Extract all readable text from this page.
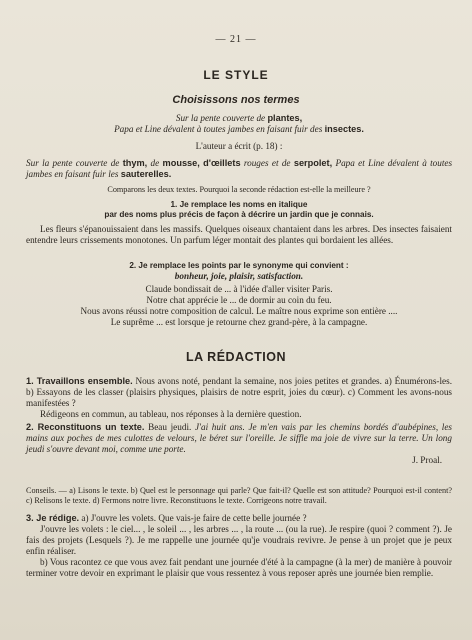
— 21 —
LE STYLE
Choisissons nos termes
Sur la pente couverte de plantes,
Papa et Line dévalent à toutes jambes en faisant fuir des insectes.
L'auteur a écrit (p. 18) :
Sur la pente couverte de thym, de mousse, d'œillets rouges et de serpolet, Papa et Line dévalent à toutes jambes en faisant fuir les sauterelles.
Comparons les deux textes. Pourquoi la seconde rédaction est-elle la meilleure ?
1. Je remplace les noms en italique
par des noms plus précis de façon à décrire un jardin que je connais.
Les fleurs s'épanouissaient dans les massifs. Quelques oiseaux chantaient dans les arbres. Des insectes faisaient entendre leurs crissements monotones. Un parfum léger montait des plantes qui bordaient les allées.
2. Je remplace les points par le synonyme qui convient :
bonheur, joie, plaisir, satisfaction.
Claude bondissait de ... à l'idée d'aller visiter Paris.
Notre chat apprécie le ... de dormir au coin du feu.
Nous avons réussi notre composition de calcul. Le maître nous exprime son entière ....
Le suprême ... est lorsque je retourne chez grand-père, à la campagne.
LA RÉDACTION
1. Travaillons ensemble. Nous avons noté, pendant la semaine, nos joies petites et grandes. a) Énumérons-les. b) Essayons de les classer (plaisirs physiques, plaisirs de notre esprit, joies du cœur). c) Comment les avons-nous manifestées ?
Rédigeons en commun, au tableau, nos réponses à la dernière question.
2. Reconstituons un texte. Beau jeudi. J'ai huit ans. Je m'en vais par les chemins bordés d'aubépines, les mains aux poches de mes culottes de velours, le béret sur l'oreille. Je siffle ma joie de vivre sur la terre. Un long jeudi s'ouvre devant moi, comme une porte.
J. Proal.
Conseils. — a) Lisons le texte. b) Quel est le personnage qui parle? Que fait-il? Quelle est son attitude? Pourquoi est-il content? c) Relisons le texte. d) Fermons notre livre. Reconstituons le texte. Corrigeons notre travail.
3. Je rédige. a) J'ouvre les volets. Que vais-je faire de cette belle journée ?
J'ouvre les volets : le ciel... , le soleil ... , les arbres ... , la route ... (ou la rue). Je respire (quoi ? comment ?). Je fais des projets (Lesquels ?). Je me rappelle une journée qu'je voudrais revivre. Je pense à un projet que je peux enfin réaliser.
b) Vous racontez ce que vous avez fait pendant une journée d'été à la campagne (à la mer) de manière à pouvoir terminer votre devoir en exprimant le plaisir que vous ressentez à vous reposer après une journée bien remplie.
